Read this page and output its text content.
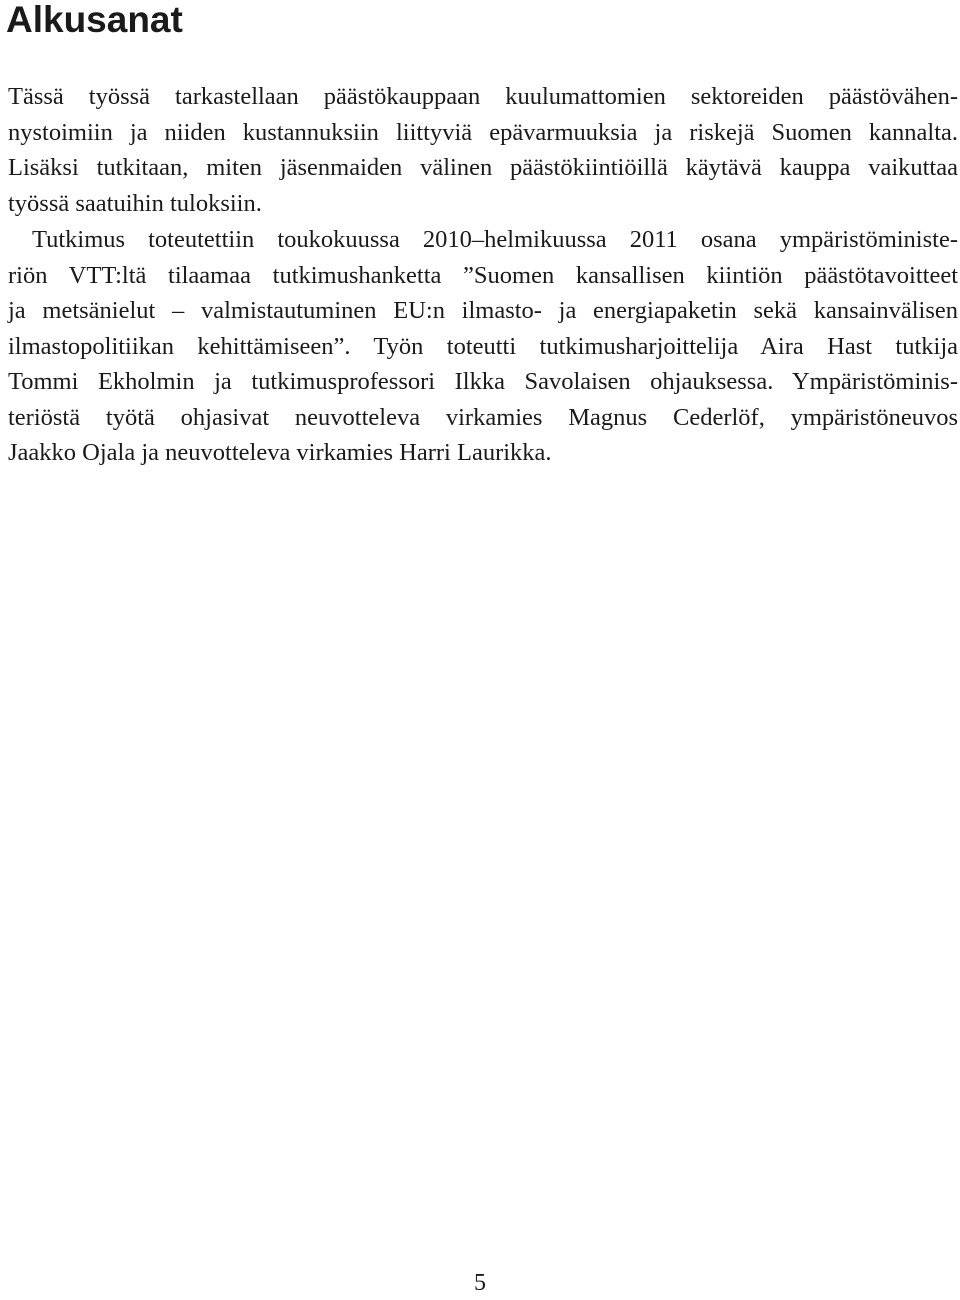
Alkusanat
Tässä työssä tarkastellaan päästökauppaan kuulumattomien sektoreiden päästövähen-
nystoimiin ja niiden kustannuksiin liittyviä epävarmuuksia ja riskejä Suomen kannalta.
Lisäksi tutkitaan, miten jäsenmaiden välinen päästökiintiöillä käytävä kauppa vaikuttaa
työssä saatuihin tuloksiin.
Tutkimus toteutettiin toukokuussa 2010–helmikuussa 2011 osana ympäristöministe-
riön VTT:ltä tilaamaa tutkimushanketta ”Suomen kansallisen kiintiön päästötavoitteet
ja metsänielut – valmistautuminen EU:n ilmasto- ja energiapaketin sekä kansainvälisen
ilmastopolitiikan kehittämiseen”. Työn toteutti tutkimusharjoittelija Aira Hast tutkija
Tommi Ekholmin ja tutkimusprofessori Ilkka Savolaisen ohjauksessa. Ympäristöminis-
teriöstä työtä ohjasivat neuvotteleva virkamies Magnus Cederlöf, ympäristöneuvos
Jaakko Ojala ja neuvotteleva virkamies Harri Laurikka.
5
